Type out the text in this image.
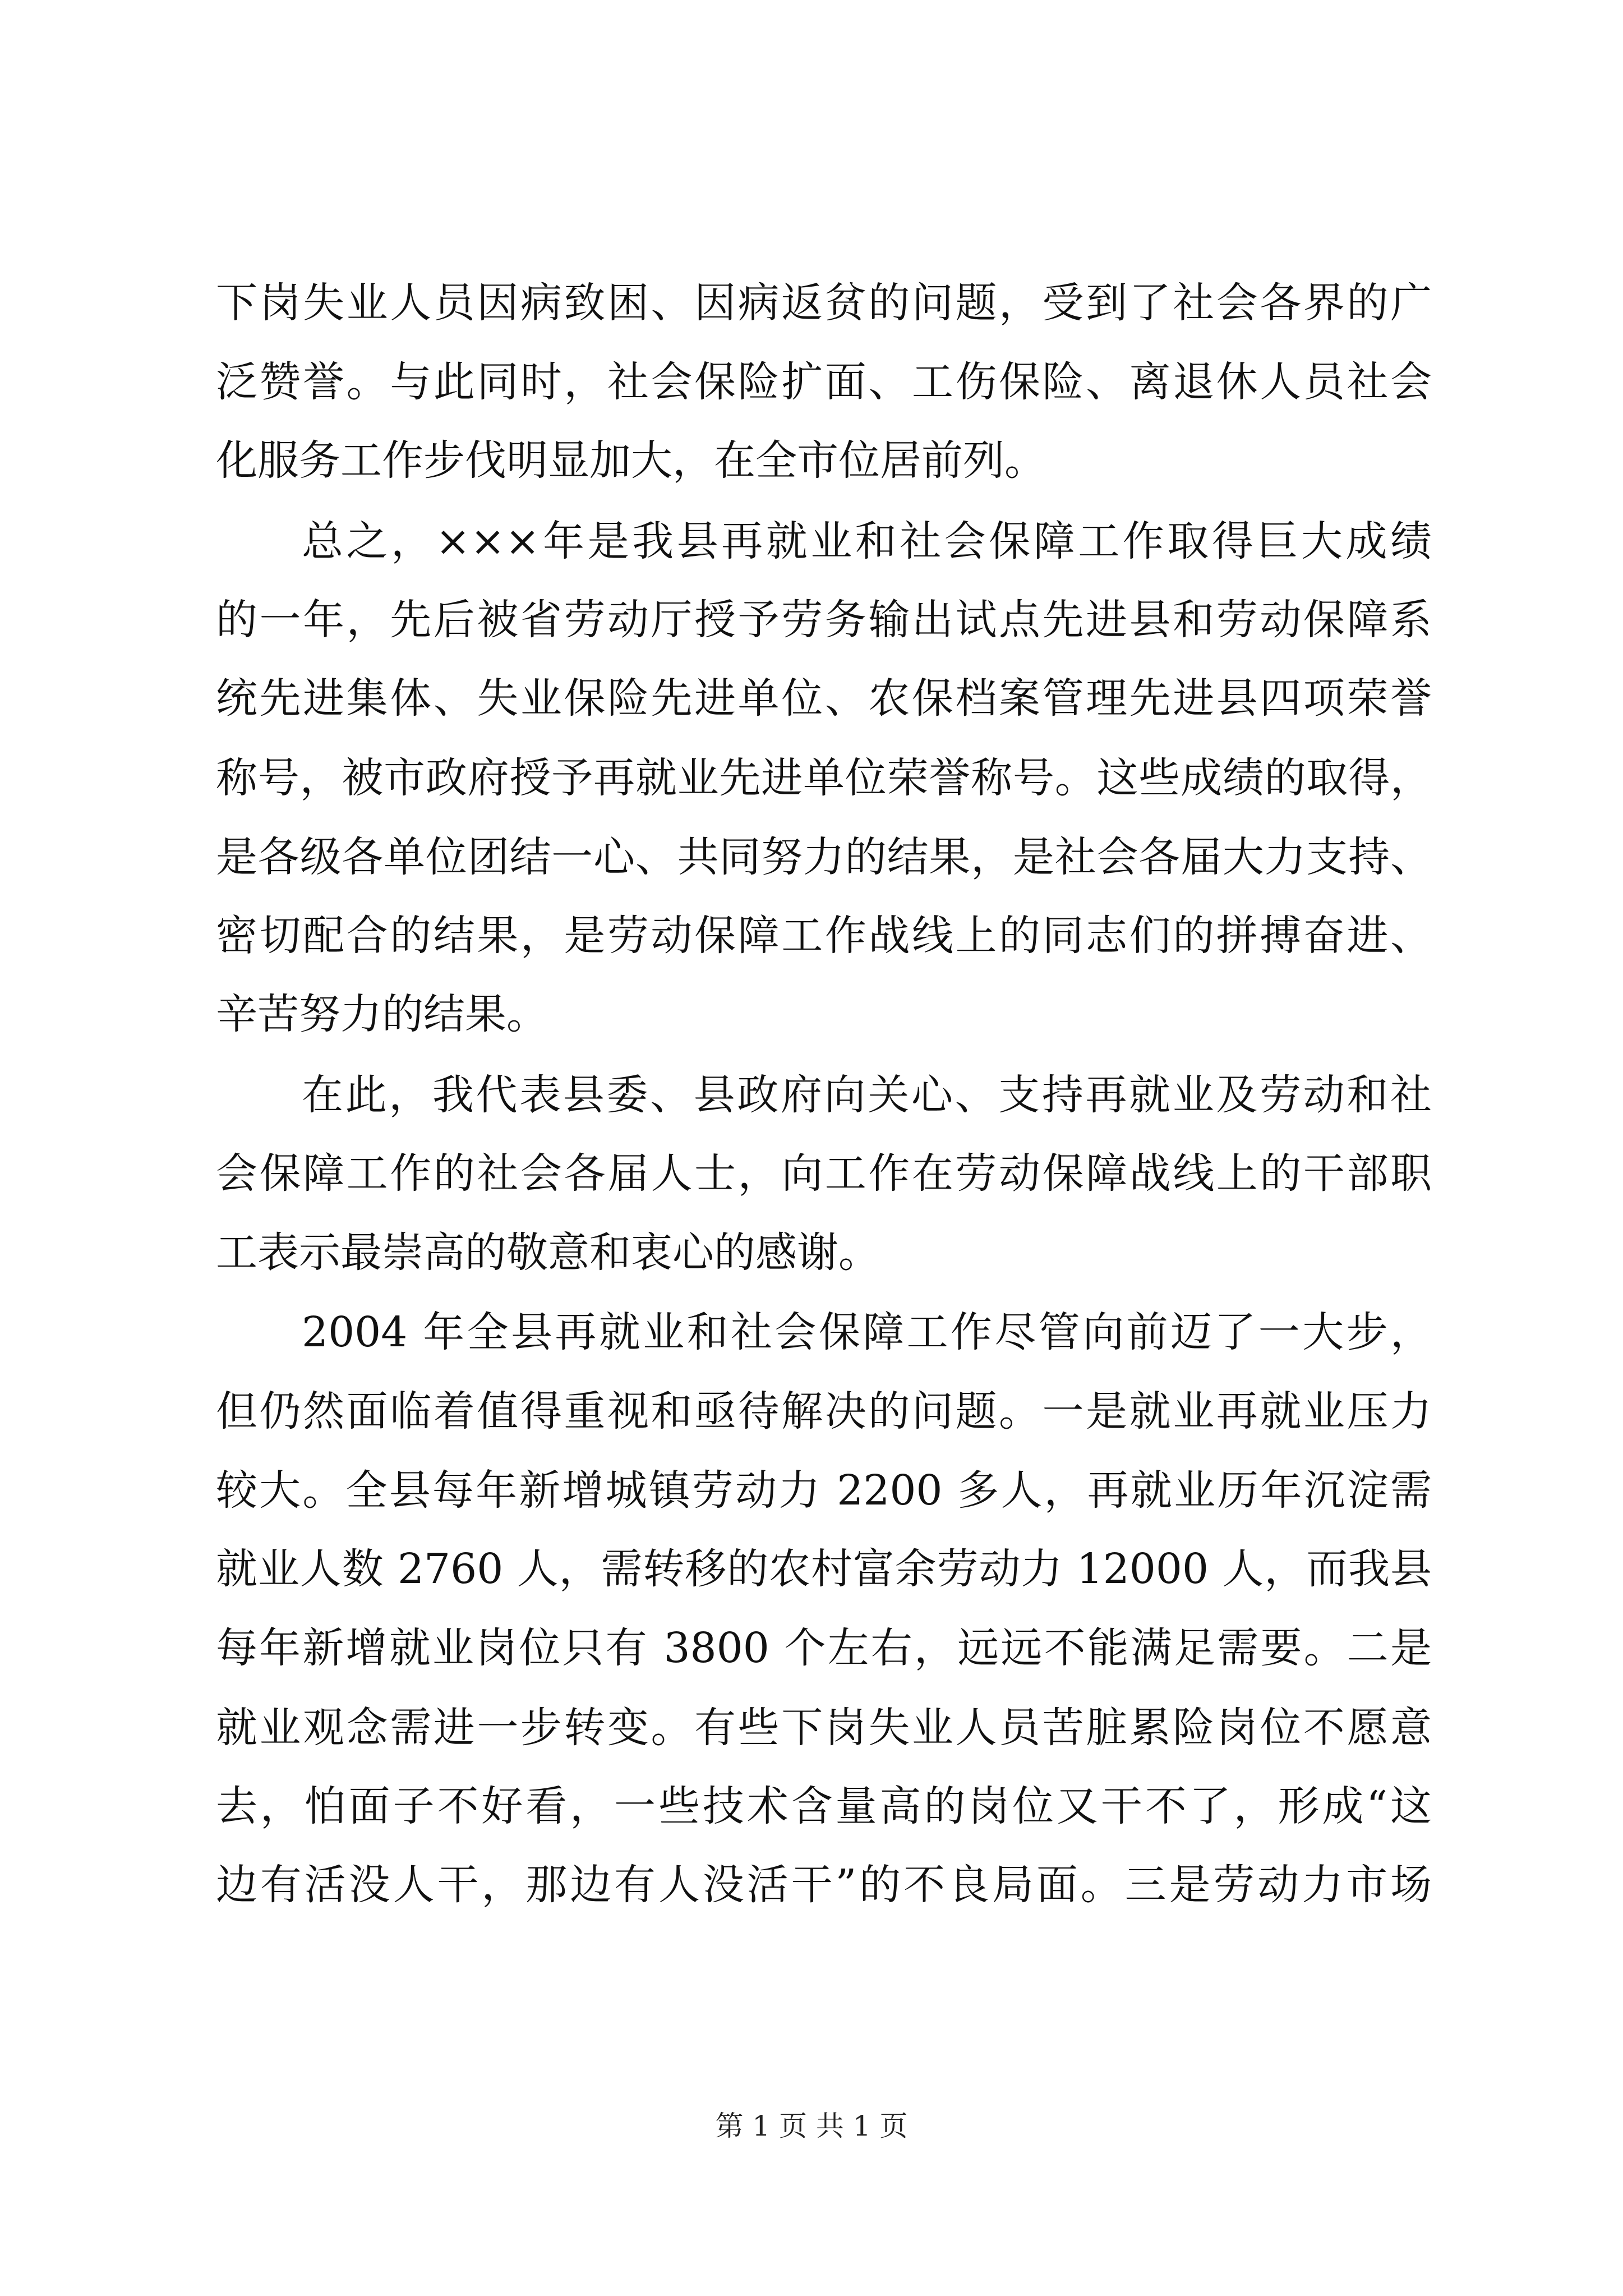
下岗失业人员因病致困、因病返贫的问题，受到了社会各界的广
泛赞誉。与此同时，社会保险扩面、工伤保险、离退休人员社会
化服务工作步伐明显加大，在全市位居前列。
总之，×××年是我县再就业和社会保障工作取得巨大成绩
的一年，先后被省劳动厅授予劳务输出试点先进县和劳动保障系
统先进集体、失业保险先进单位、农保档案管理先进县四项荣誉
称号，被市政府授予再就业先进单位荣誉称号。这些成绩的取得，
是各级各单位团结一心、共同努力的结果，是社会各届大力支持、
密切配合的结果，是劳动保障工作战线上的同志们的拼搏奋进、
辛苦努力的结果。
在此，我代表县委、县政府向关心、支持再就业及劳动和社
会保障工作的社会各届人士，向工作在劳动保障战线上的干部职
工表示最崇高的敬意和衷心的感谢。
2004 年全县再就业和社会保障工作尽管向前迈了一大步，
但仍然面临着值得重视和亟待解决的问题。一是就业再就业压力
较大。全县每年新增城镇劳动力 2200 多人，再就业历年沉淀需
就业人数 2760 人，需转移的农村富余劳动力 12000 人，而我县
每年新增就业岗位只有 3800 个左右，远远不能满足需要。二是
就业观念需进一步转变。有些下岗失业人员苦脏累险岗位不愿意
去，怕面子不好看，一些技术含量高的岗位又干不了，形成“这
边有活没人干，那边有人没活干”的不良局面。三是劳动力市场
第 1 页 共 1 页
